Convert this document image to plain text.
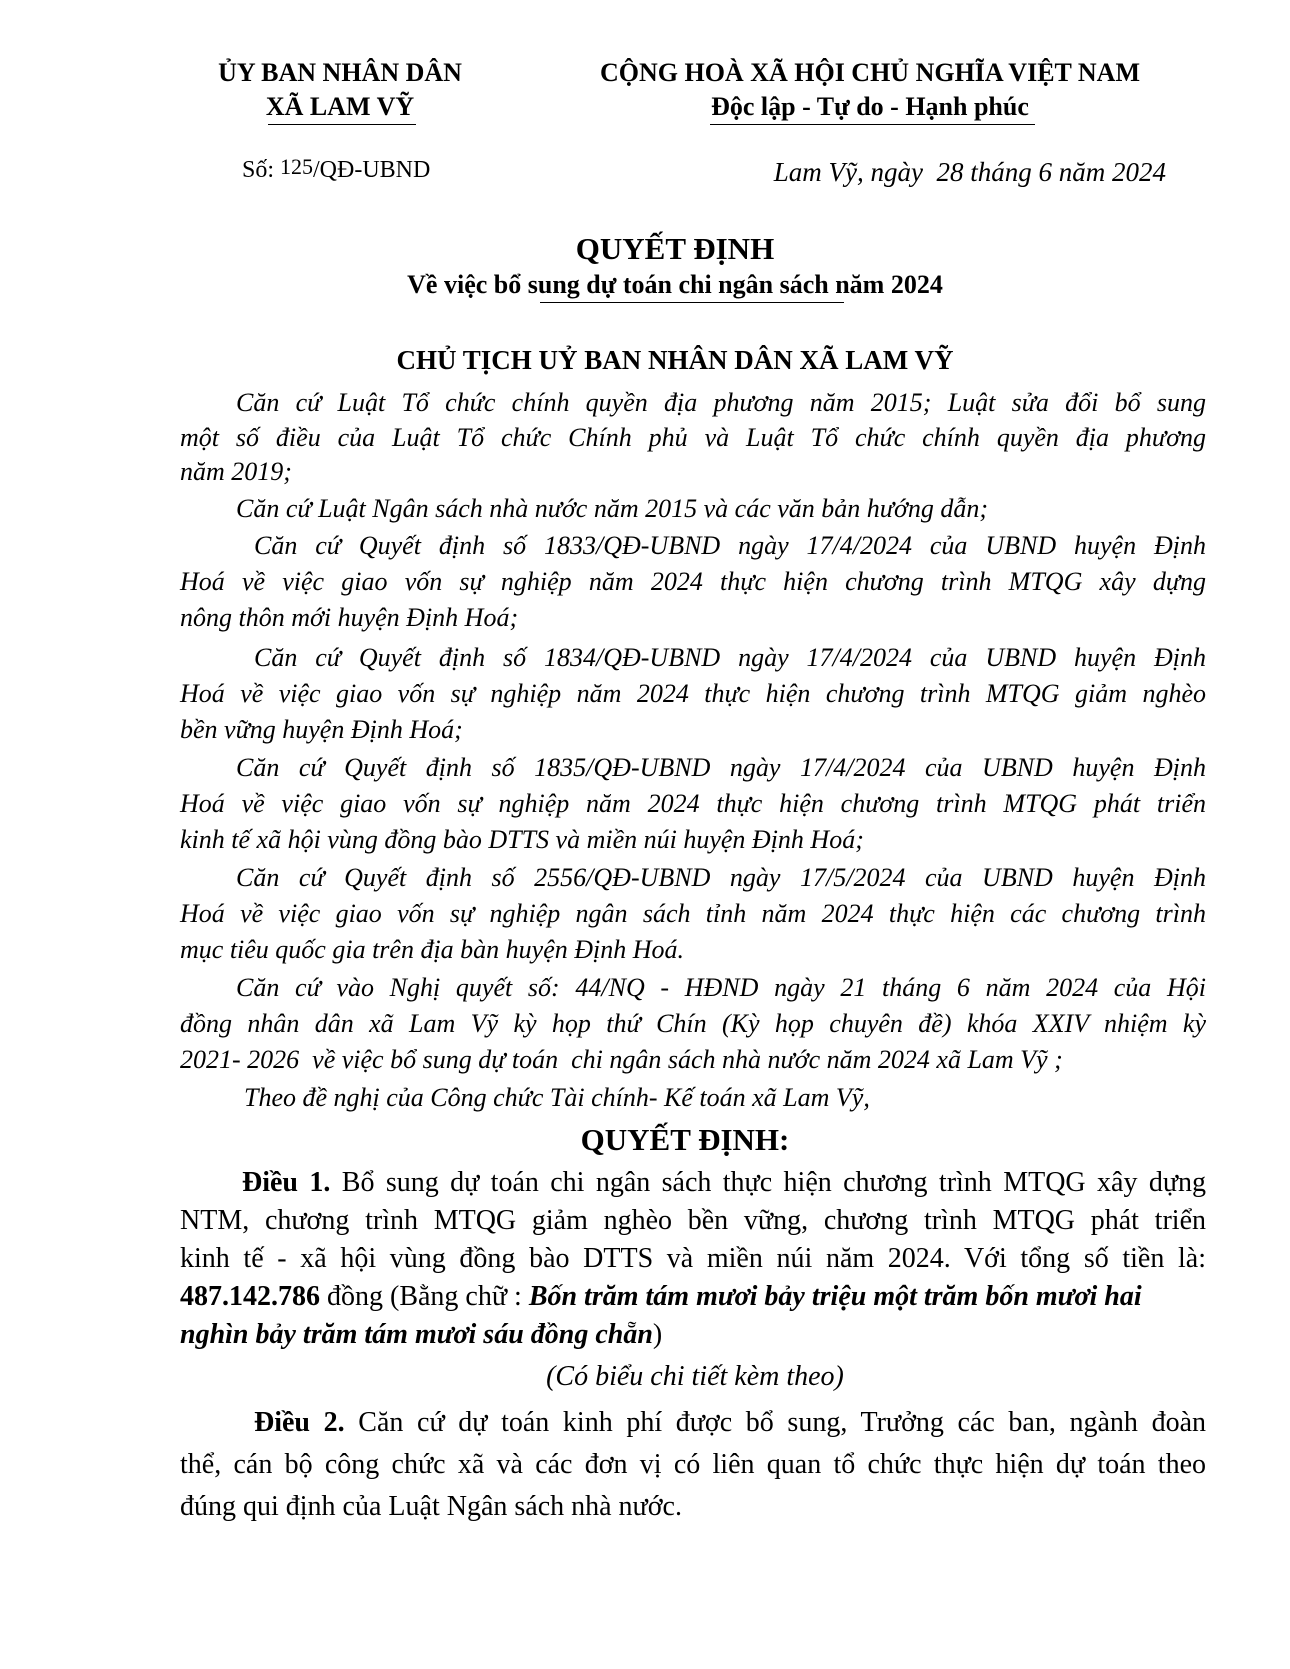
ỦY BAN NHÂN DÂN
XÃ LAM VỸ
CỘNG HOÀ XÃ HỘI CHỦ NGHĨA VIỆT NAM
Độc lập - Tự do - Hạnh phúc
Số: 125/QĐ-UBND	Lam Vỹ, ngày  28 tháng 6 năm 2024
QUYẾT ĐỊNH
Về việc bổ sung dự toán chi ngân sách năm 2024
CHỦ TỊCH UỶ BAN NHÂN DÂN XÃ LAM VỸ
Căn cứ Luật Tổ chức chính quyền địa phương năm 2015; Luật sửa đổi bổ sung
một số điều của Luật Tổ chức Chính phủ và Luật Tổ chức chính quyền địa phương
năm 2019;
Căn cứ Luật Ngân sách nhà nước năm 2015 và các văn bản hướng dẫn;
Căn cứ Quyết định số 1833/QĐ-UBND ngày 17/4/2024 của UBND huyện Định
Hoá về việc giao vốn sự nghiệp năm 2024 thực hiện chương trình MTQG xây dựng
nông thôn mới huyện Định Hoá;
Căn cứ Quyết định số 1834/QĐ-UBND ngày 17/4/2024 của UBND huyện Định
Hoá về việc giao vốn sự nghiệp năm 2024 thực hiện chương trình MTQG giảm nghèo
bền vững huyện Định Hoá;
Căn cứ Quyết định số 1835/QĐ-UBND ngày 17/4/2024 của UBND huyện Định
Hoá về việc giao vốn sự nghiệp năm 2024 thực hiện chương trình MTQG phát triển
kinh tế xã hội vùng đồng bào DTTS và miền núi huyện Định Hoá;
Căn cứ Quyết định số 2556/QĐ-UBND ngày 17/5/2024 của UBND huyện Định
Hoá về việc giao vốn sự nghiệp ngân sách tỉnh năm 2024 thực hiện các chương trình
mục tiêu quốc gia trên địa bàn huyện Định Hoá.
Căn cứ vào Nghị quyết số: 44/NQ - HĐND ngày 21 tháng 6 năm 2024 của Hội
đồng nhân dân xã Lam Vỹ kỳ họp thứ Chín (Kỳ họp chuyên đề) khóa XXIV nhiệm kỳ
2021- 2026  về việc bổ sung dự toán  chi ngân sách nhà nước năm 2024 xã Lam Vỹ ;
Theo đề nghị của Công chức Tài chính- Kế toán xã Lam Vỹ,
QUYẾT ĐỊNH:
Điều 1. Bổ sung dự toán chi ngân sách thực hiện chương trình MTQG xây dựng
NTM, chương trình MTQG giảm nghèo bền vững, chương trình MTQG phát triển
kinh tế - xã hội vùng đồng bào DTTS và miền núi năm 2024. Với tổng số tiền là:
487.142.786 đồng (Bằng chữ : Bốn trăm tám mươi bảy triệu một trăm bốn mươi hai
nghìn bảy trăm tám mươi sáu đồng chẵn)
(Có biểu chi tiết kèm theo)
Điều 2. Căn cứ dự toán kinh phí được bổ sung, Trưởng các ban, ngành đoàn
thể, cán bộ công chức xã và các đơn vị có liên quan tổ chức thực hiện dự toán theo
đúng qui định của Luật Ngân sách nhà nước.
